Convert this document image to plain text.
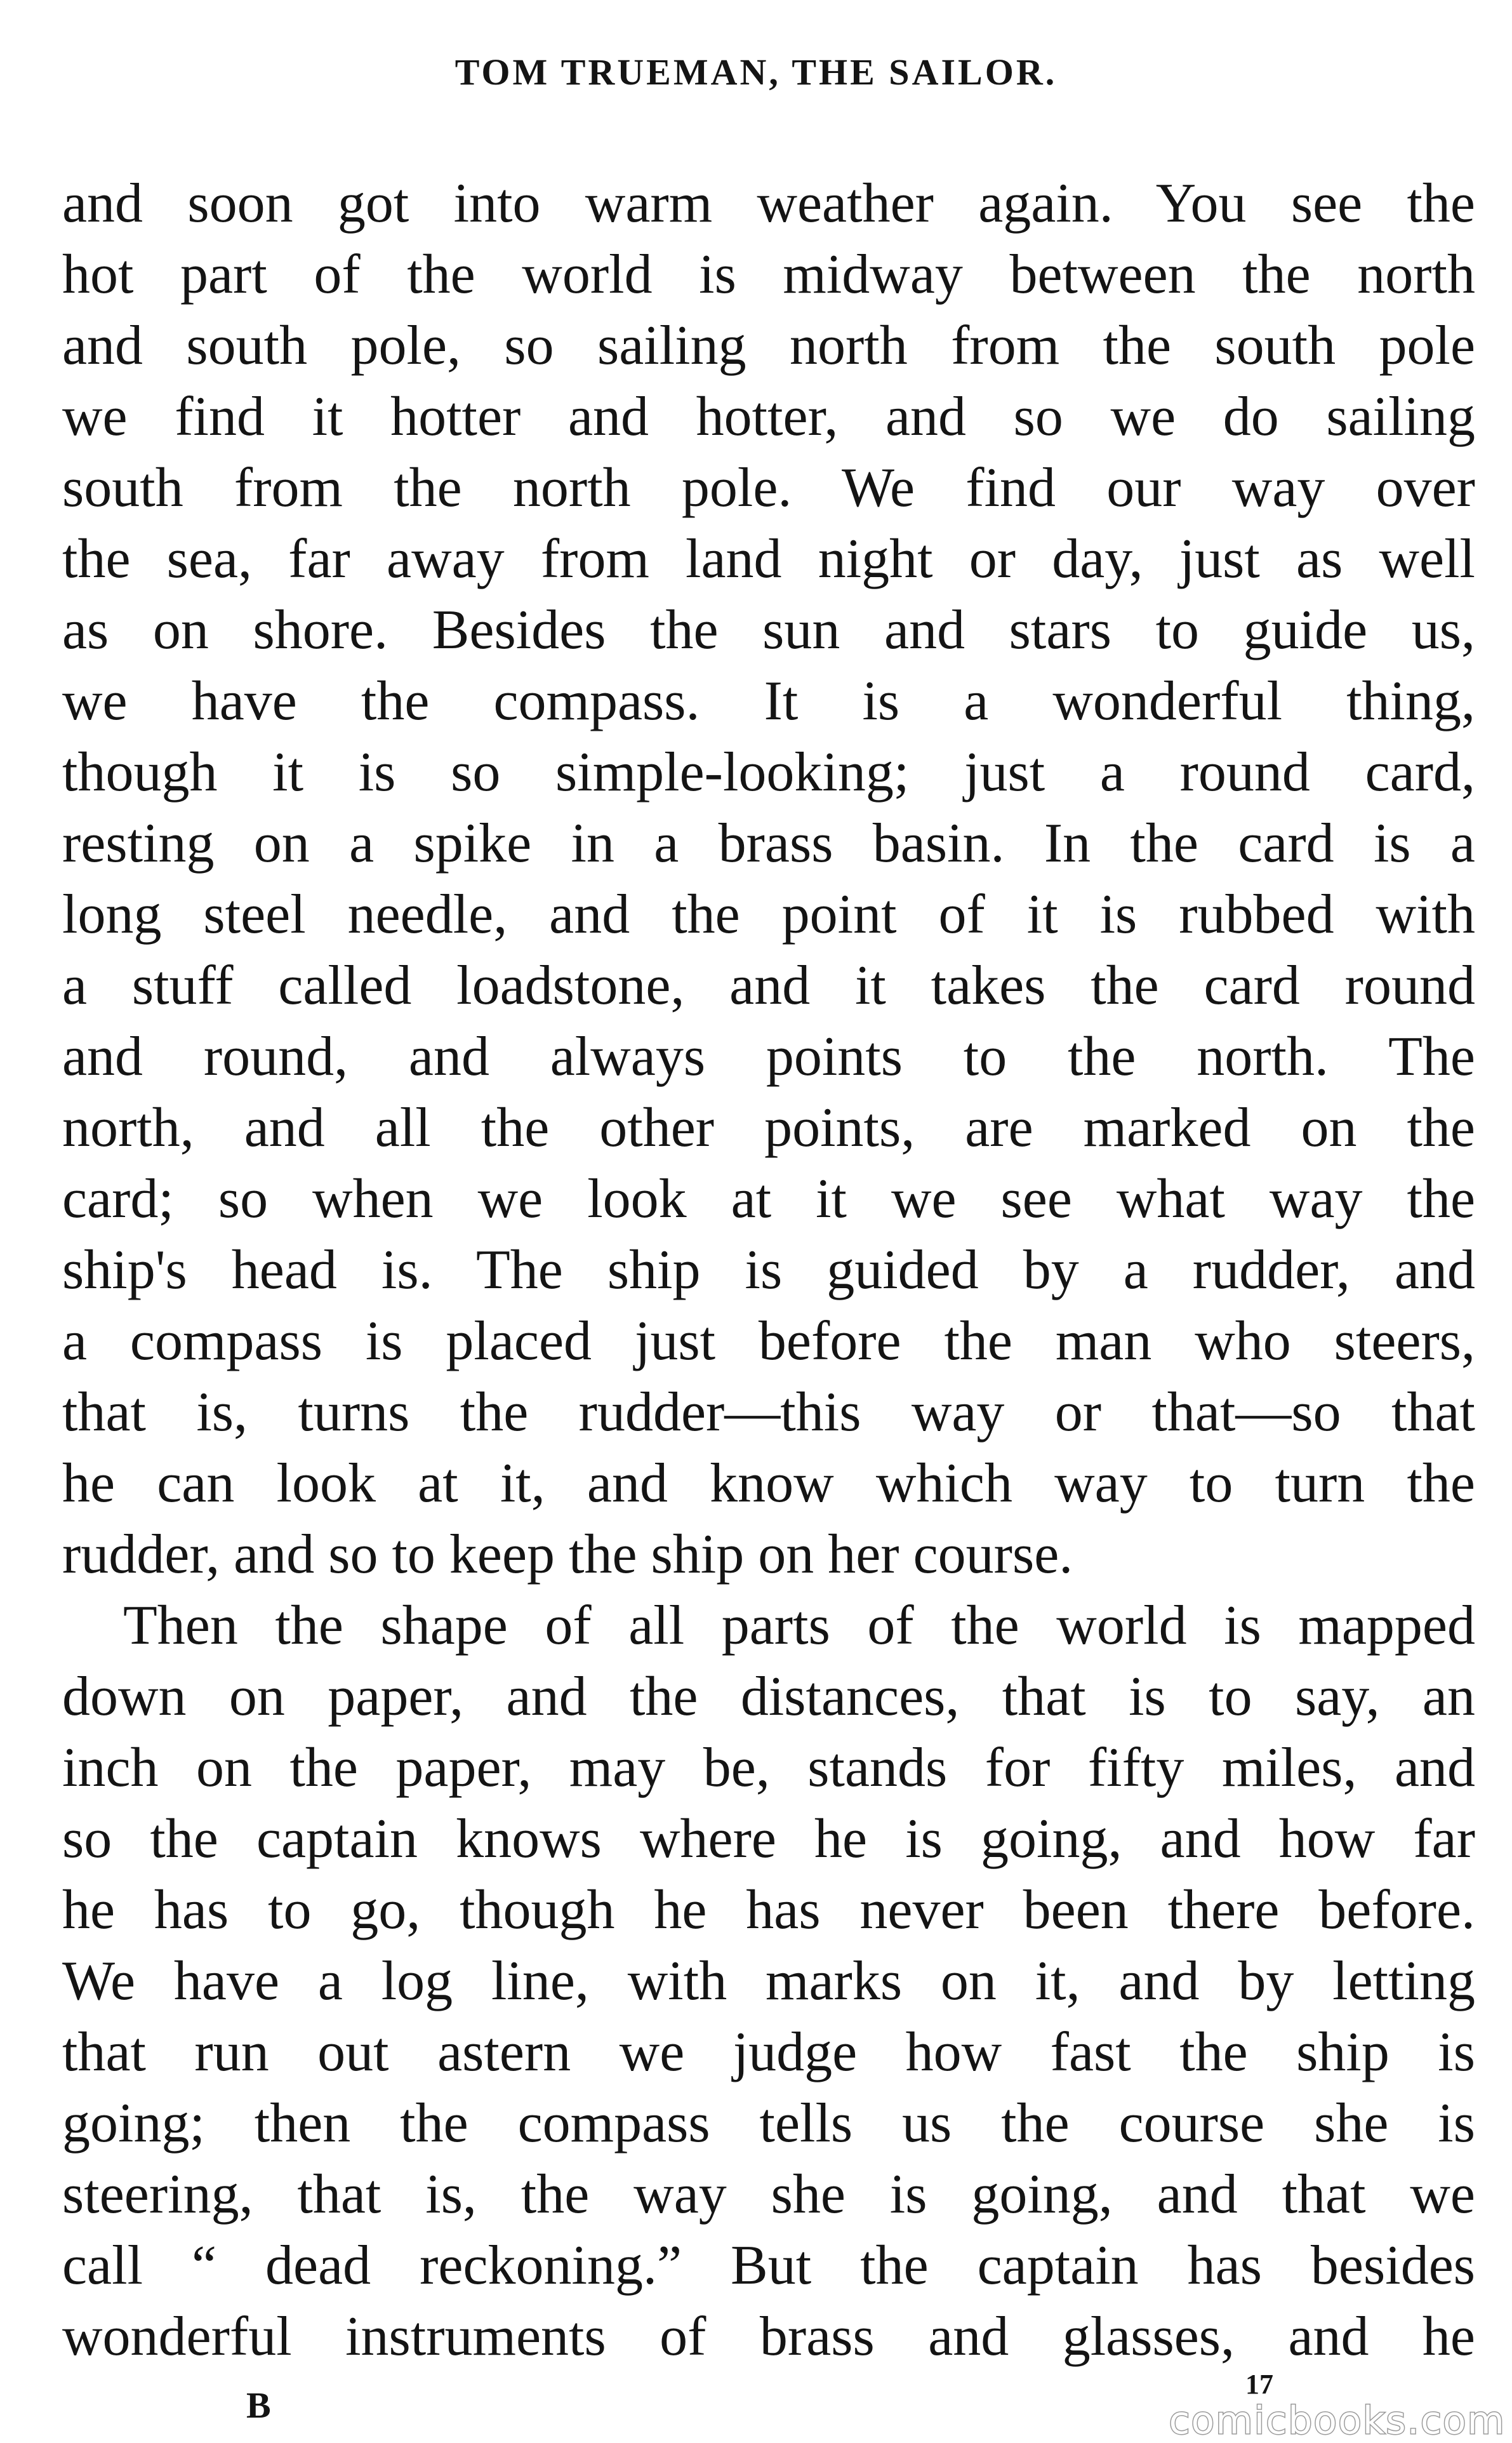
TOM TRUEMAN, THE SAILOR.
and soon got into warm weather again. You see the
hot part of the world is midway between the north
and south pole, so sailing north from the south pole
we find it hotter and hotter, and so we do sailing
south from the north pole. We find our way over
the sea, far away from land night or day, just as well
as on shore. Besides the sun and stars to guide us,
we have the compass. It is a wonderful thing,
though it is so simple-looking; just a round card,
resting on a spike in a brass basin. In the card is a
long steel needle, and the point of it is rubbed with
a stuff called loadstone, and it takes the card round
and round, and always points to the north. The
north, and all the other points, are marked on the
card; so when we look at it we see what way the
ship's head is. The ship is guided by a rudder, and
a compass is placed just before the man who steers,
that is, turns the rudder—this way or that—so that
he can look at it, and know which way to turn the
rudder, and so to keep the ship on her course.
Then the shape of all parts of the world is mapped
down on paper, and the distances, that is to say, an
inch on the paper, may be, stands for fifty miles, and
so the captain knows where he is going, and how far
he has to go, though he has never been there before.
We have a log line, with marks on it, and by letting
that run out astern we judge how fast the ship is
going; then the compass tells us the course she is
steering, that is, the way she is going, and that we
call “ dead reckoning.” But the captain has besides
wonderful instruments of brass and glasses, and he
B
17
comicbooks.com
